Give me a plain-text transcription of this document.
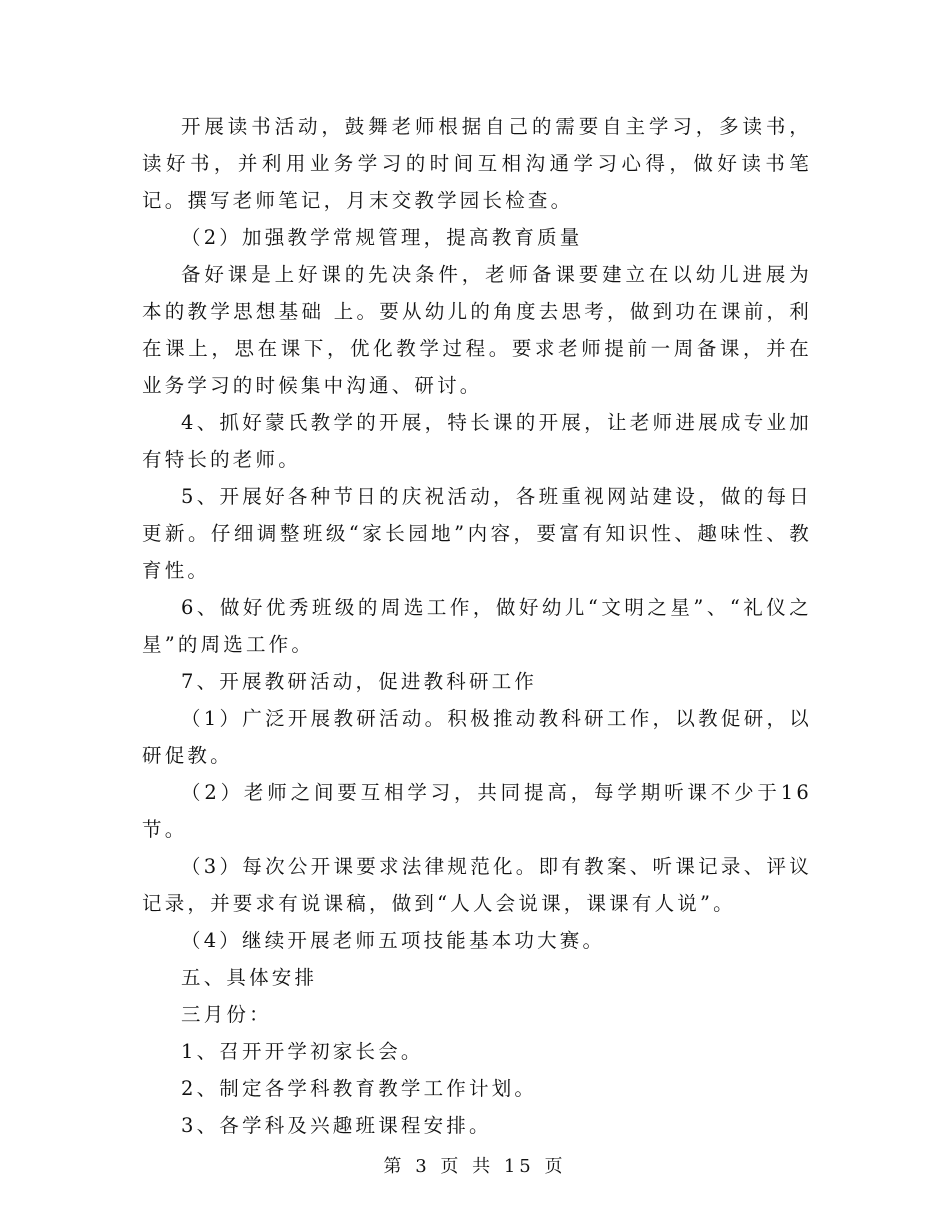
开展读书活动，鼓舞老师根据自己的需要自主学习，多读书，读好书，并利用业务学习的时间互相沟通学习心得，做好读书笔记。撰写老师笔记，月末交教学园长检查。

（2）加强教学常规管理，提高教育质量

备好课是上好课的先决条件，老师备课要建立在以幼儿进展为本的教学思想基础 上。要从幼儿的角度去思考，做到功在课前，利在课上，思在课下，优化教学过程。要求老师提前一周备课，并在业务学习的时候集中沟通、研讨。

4、抓好蒙氏教学的开展，特长课的开展，让老师进展成专业加有特长的老师。

5、开展好各种节日的庆祝活动，各班重视网站建设，做的每日更新。仔细调整班级“家长园地”内容，要富有知识性、趣味性、教育性。

6、做好优秀班级的周选工作，做好幼儿“文明之星”、“礼仪之星”的周选工作。

7、开展教研活动，促进教科研工作

（1）广泛开展教研活动。积极推动教科研工作，以教促研，以研促教。

（2）老师之间要互相学习，共同提高，每学期听课不少于16节。

（3）每次公开课要求法律规范化。即有教案、听课记录、评议记录，并要求有说课稿，做到“人人会说课，课课有人说”。

（4）继续开展老师五项技能基本功大赛。

五、具体安排

三月份：

1、召开开学初家长会。

2、制定各学科教育教学工作计划。

3、各学科及兴趣班课程安排。

第 3 页 共 15 页
